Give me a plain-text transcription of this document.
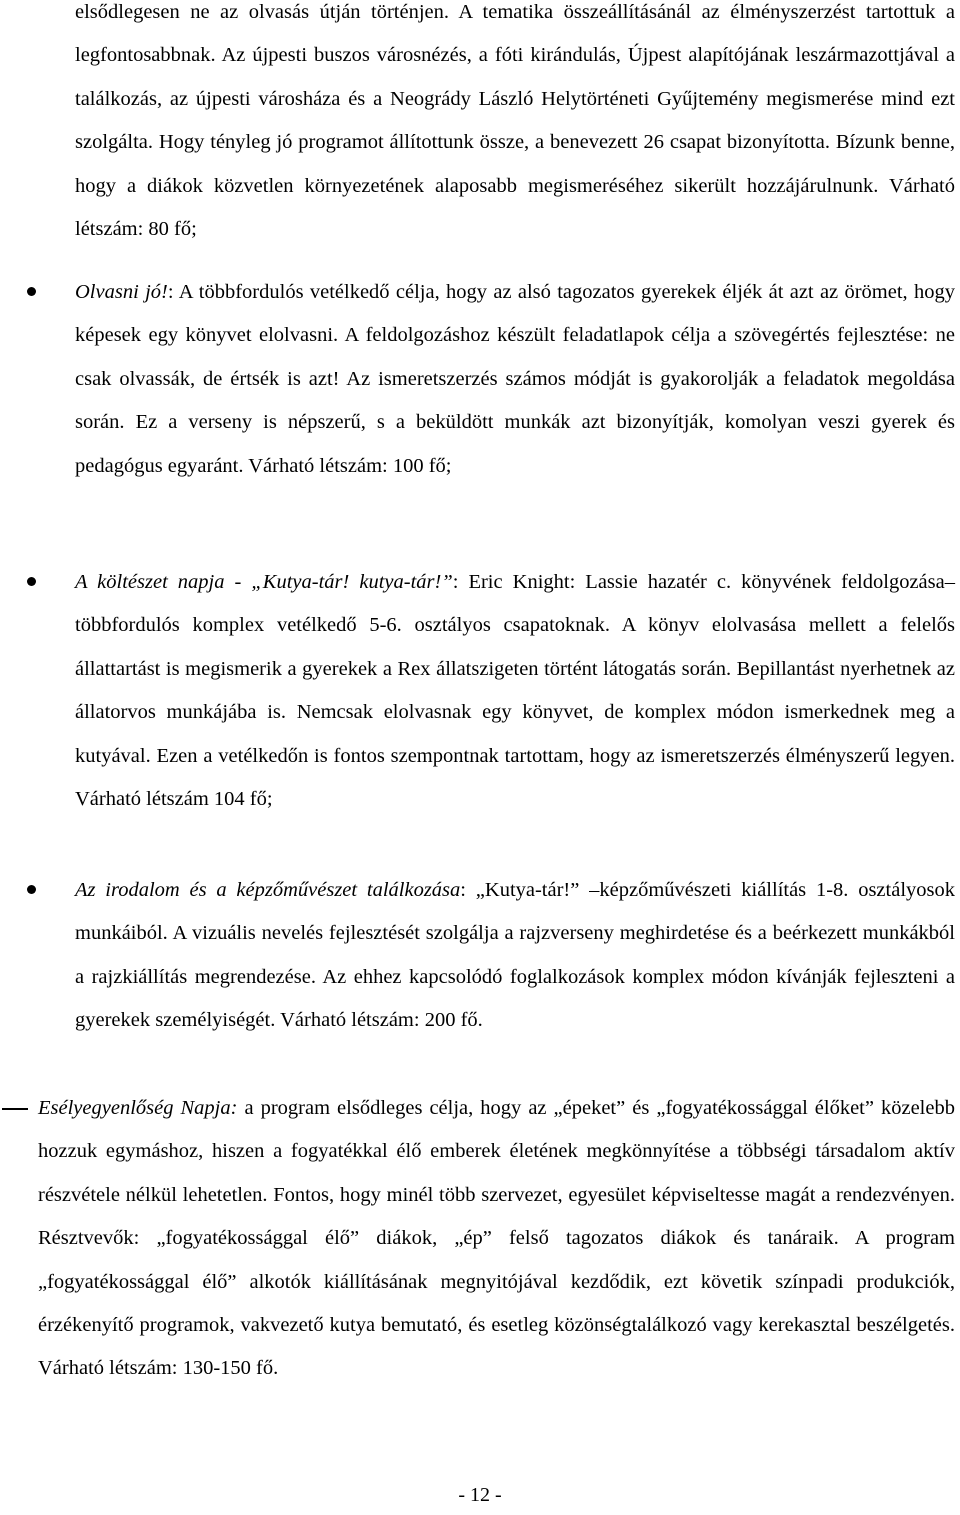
elsődlegesen ne az olvasás útján történjen. A tematika összeállításánál az élményszerzést tartottuk a legfontosabbnak. Az újpesti buszos városnézés, a fóti kirándulás, Újpest alapítójának leszármazottjával a találkozás, az újpesti városháza és a Neogrády László Helytörténeti Gyűjtemény megismerése mind ezt szolgálta. Hogy tényleg jó programot állítottunk össze, a benevezett 26 csapat bizonyította. Bízunk benne, hogy a diákok közvetlen környezetének alaposabb megismeréséhez sikerült hozzájárulnunk. Várható létszám: 80 fő;

Olvasni jó!: A többfordulós vetélkedő célja, hogy az alsó tagozatos gyerekek éljék át azt az örömet, hogy képesek egy könyvet elolvasni. A feldolgozáshoz készült feladatlapok célja a szövegértés fejlesztése: ne csak olvassák, de értsék is azt! Az ismeretszerzés számos módját is gyakorolják a feladatok megoldása során. Ez a verseny is népszerű, s a beküldött munkák azt bizonyítják, komolyan veszi gyerek és pedagógus egyaránt. Várható létszám: 100 fő;
A költészet napja - „Kutya-tár! kutya-tár!”: Eric Knight: Lassie hazatér c. könyvének feldolgozása–többfordulós komplex vetélkedő 5-6. osztályos csapatoknak. A könyv elolvasása mellett a felelős állattartást is megismerik a gyerekek a Rex állatszigeten történt látogatás során. Bepillantást nyerhetnek az állatorvos munkájába is. Nemcsak elolvasnak egy könyvet, de komplex módon ismerkednek meg a kutyával. Ezen a vetélkedőn is fontos szempontnak tartottam, hogy az ismeretszerzés élményszerű legyen. Várható létszám 104 fő;
Az irodalom és a képzőművészet találkozása: „Kutya-tár!” –képzőművészeti kiállítás 1-8. osztályosok munkáiból. A vizuális nevelés fejlesztését szolgálja a rajzverseny meghirdetése és a beérkezett munkákból a rajzkiállítás megrendezése. Az ehhez kapcsolódó foglalkozások komplex módon kívánják fejleszteni a gyerekek személyiségét. Várható létszám: 200 fő.
Esélyegyenlőség Napja: a program elsődleges célja, hogy az „épeket” és „fogyatékossággal élőket” közelebb hozzuk egymáshoz, hiszen a fogyatékkal élő emberek életének megkönnyítése a többségi társadalom aktív részvétele nélkül lehetetlen. Fontos, hogy minél több szervezet, egyesület képviseltesse magát a rendezvényen. Résztvevők: „fogyatékossággal élő” diákok, „ép” felső tagozatos diákok és tanáraik. A program „fogyatékossággal élő” alkotók kiállításának megnyitójával kezdődik, ezt követik színpadi produkciók, érzékenyítő programok, vakvezető kutya bemutató, és esetleg közönségtalálkozó vagy kerekasztal beszélgetés. Várható létszám: 130-150 fő.
- 12 -
